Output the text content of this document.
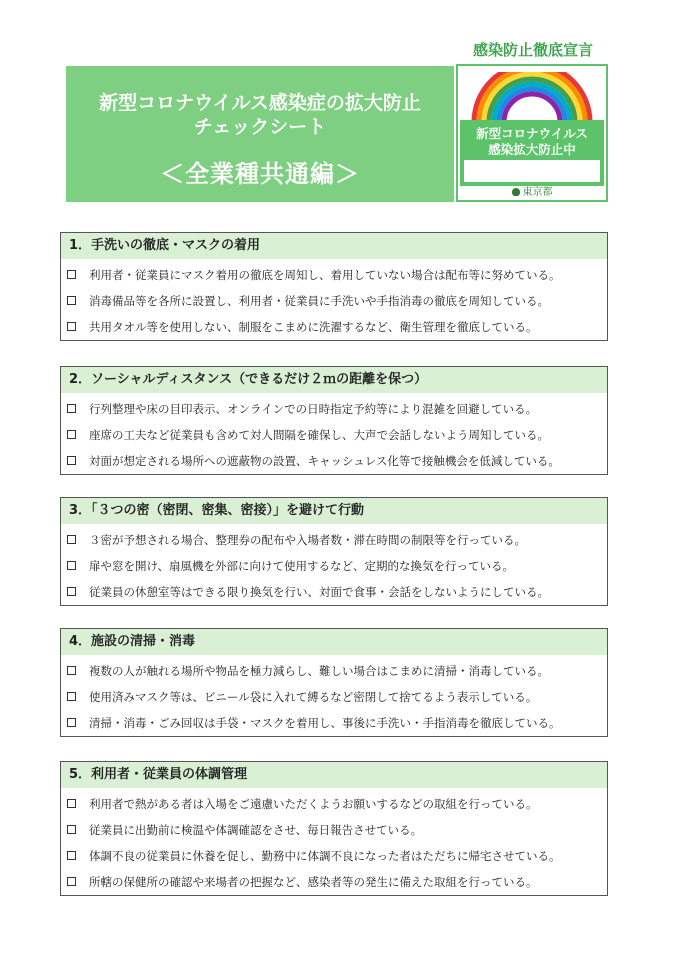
新型コロナウイルス感染症の拡大防止
チェックシート
＜全業種共通編＞
感染防止徹底宣言
新型コロナウイルス
感染拡大防止中
東京都
1．手洗いの徹底・マスクの着用
利用者・従業員にマスク着用の徹底を周知し、着用していない場合は配布等に努めている。
消毒備品等を各所に設置し、利用者・従業員に手洗いや手指消毒の徹底を周知している。
共用タオル等を使用しない、制服をこまめに洗濯するなど、衛生管理を徹底している。
2．ソーシャルディスタンス（できるだけ２ｍの距離を保つ）
行列整理や床の目印表示、オンラインでの日時指定予約等により混雑を回避している。
座席の工夫など従業員も含めて対人間隔を確保し、大声で会話しないよう周知している。
対面が想定される場所への遮蔽物の設置、キャッシュレス化等で接触機会を低減している。
3．「３つの密（密閉、密集、密接）」を避けて行動
３密が予想される場合、整理券の配布や入場者数・滞在時間の制限等を行っている。
扉や窓を開け、扇風機を外部に向けて使用するなど、定期的な換気を行っている。
従業員の休憩室等はできる限り換気を行い、対面で食事・会話をしないようにしている。
4．施設の清掃・消毒
複数の人が触れる場所や物品を極力減らし、難しい場合はこまめに清掃・消毒している。
使用済みマスク等は、ビニール袋に入れて縛るなど密閉して捨てるよう表示している。
清掃・消毒・ごみ回収は手袋・マスクを着用し、事後に手洗い・手指消毒を徹底している。
5．利用者・従業員の体調管理
利用者で熱がある者は入場をご遠慮いただくようお願いするなどの取組を行っている。
従業員に出勤前に検温や体調確認をさせ、毎日報告させている。
体調不良の従業員に休養を促し、勤務中に体調不良になった者はただちに帰宅させている。
所轄の保健所の確認や来場者の把握など、感染者等の発生に備えた取組を行っている。
